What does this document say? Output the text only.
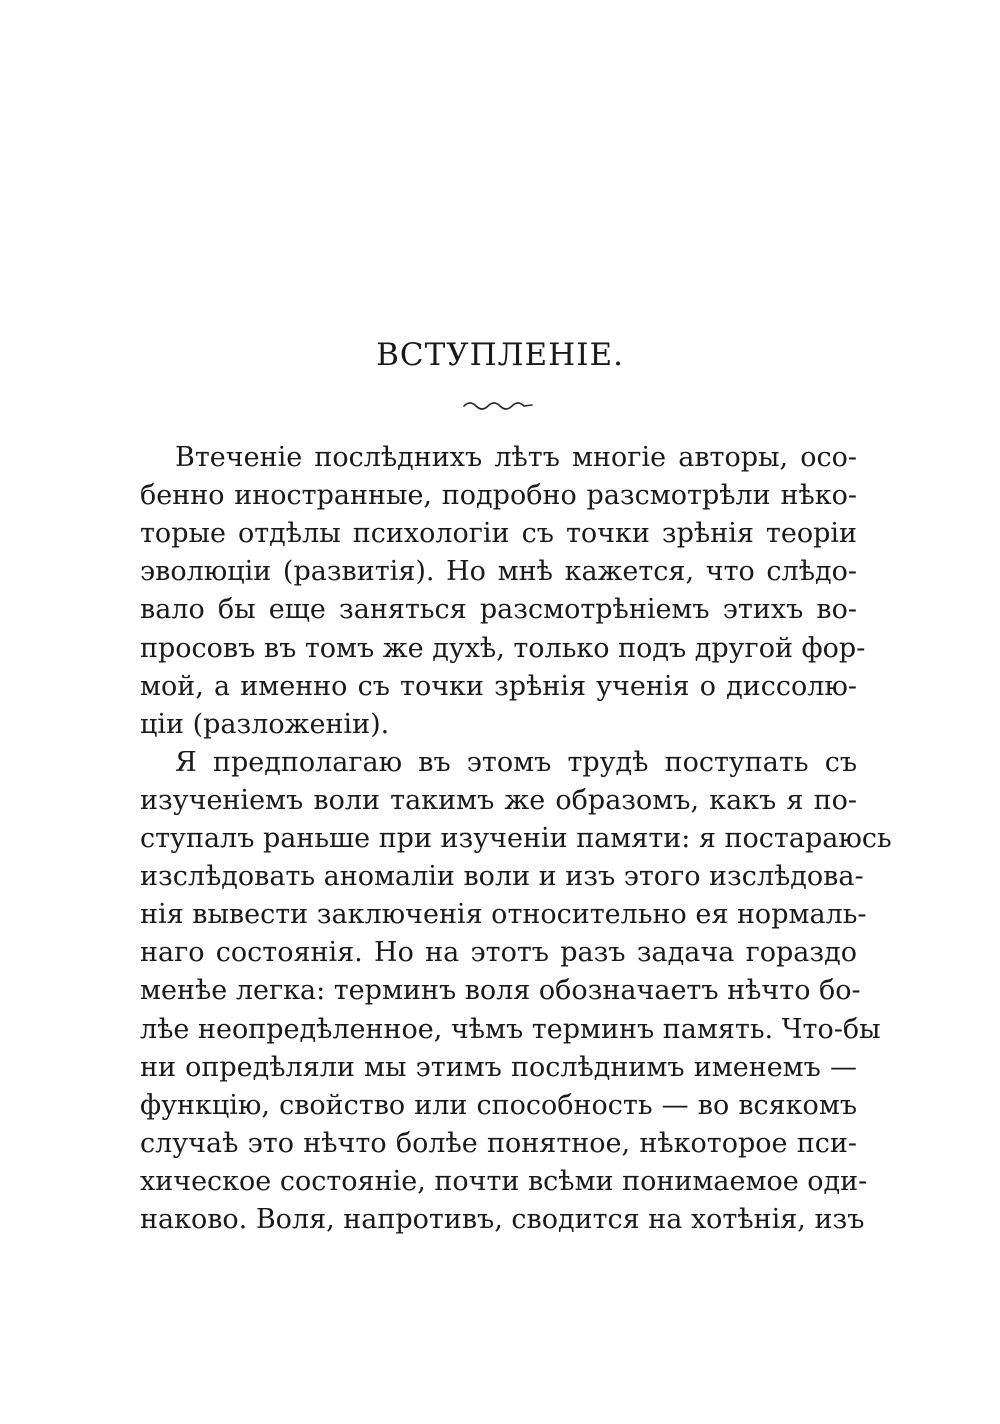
ВСТУПЛЕНІЕ.
Втеченіе послѣднихъ лѣтъ многіе авторы, осо-
бенно иностранные, подробно разсмотрѣли нѣко-
торые отдѣлы психологіи съ точки зрѣнія теоріи
эволюціи (развитія). Но мнѣ кажется, что слѣдо-
вало бы еще заняться разсмотрѣніемъ этихъ во-
просовъ въ томъ же духѣ, только подъ другой фор-
мой, а именно съ точки зрѣнія ученія о диссолю-
ціи (разложеніи).
Я предполагаю въ этомъ трудѣ поступать съ
изученіемъ воли такимъ же образомъ, какъ я по-
ступалъ раньше при изученіи памяти: я постараюсь
изслѣдовать аномаліи воли и изъ этого изслѣдова-
нія вывести заключенія относительно ея нормаль-
наго состоянія. Но на этотъ разъ задача гораздо
менѣе легка: терминъ воля обозначаетъ нѣчто бо-
лѣе неопредѣленное, чѣмъ терминъ память. Что-бы
ни опредѣляли мы этимъ послѣднимъ именемъ —
функцію, свойство или способность — во всякомъ
случаѣ это нѣчто болѣе понятное, нѣкоторое пси-
хическое состояніе, почти всѣми понимаемое оди-
наково. Воля, напротивъ, сводится на хотѣнія, изъ
